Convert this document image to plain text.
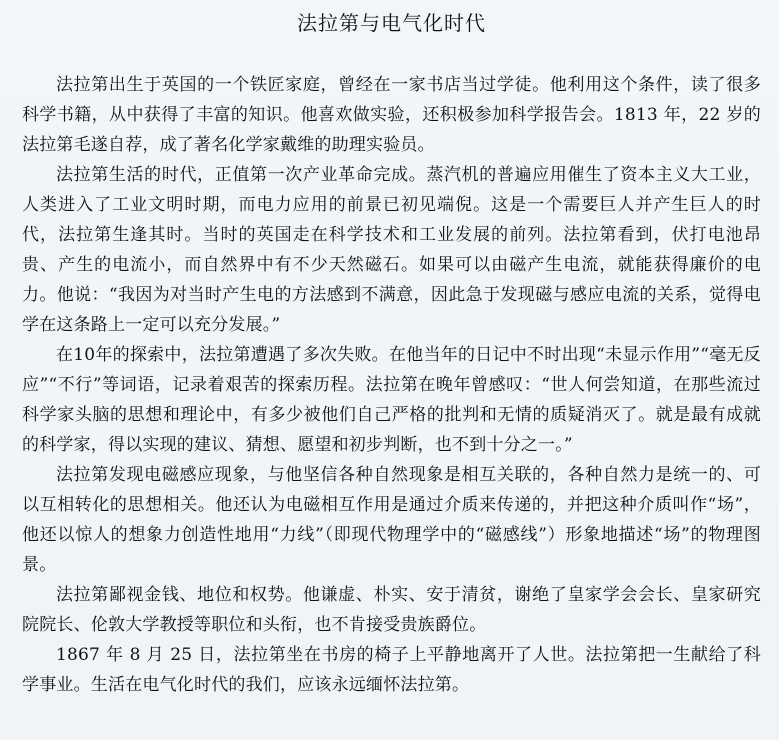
法拉第与电气化时代

法拉第出生于英国的一个铁匠家庭，曾经在一家书店当过学徒。他利用这个条件，读了很多科学书籍，从中获得了丰富的知识。他喜欢做实验，还积极参加科学报告会。1813 年，22 岁的法拉第毛遂自荐，成了著名化学家戴维的助理实验员。

法拉第生活的时代，正值第一次产业革命完成。蒸汽机的普遍应用催生了资本主义大工业，人类进入了工业文明时期，而电力应用的前景已初见端倪。这是一个需要巨人并产生巨人的时代，法拉第生逢其时。当时的英国走在科学技术和工业发展的前列。法拉第看到，伏打电池昂贵、产生的电流小，而自然界中有不少天然磁石。如果可以由磁产生电流，就能获得廉价的电力。他说：“我因为对当时产生电的方法感到不满意，因此急于发现磁与感应电流的关系，觉得电学在这条路上一定可以充分发展。”

在10年的探索中，法拉第遭遇了多次失败。在他当年的日记中不时出现“未显示作用”“毫无反应”“不行”等词语，记录着艰苦的探索历程。法拉第在晚年曾感叹：“世人何尝知道，在那些流过科学家头脑的思想和理论中，有多少被他们自己严格的批判和无情的质疑消灭了。就是最有成就的科学家，得以实现的建议、猜想、愿望和初步判断，也不到十分之一。”

法拉第发现电磁感应现象，与他坚信各种自然现象是相互关联的，各种自然力是统一的、可以互相转化的思想相关。他还认为电磁相互作用是通过介质来传递的，并把这种介质叫作“场”，他还以惊人的想象力创造性地用“力线”（即现代物理学中的“磁感线”）形象地描述“场”的物理图景。

法拉第鄙视金钱、地位和权势。他谦虚、朴实、安于清贫，谢绝了皇家学会会长、皇家研究院院长、伦敦大学教授等职位和头衔，也不肯接受贵族爵位。

1867 年 8 月 25 日，法拉第坐在书房的椅子上平静地离开了人世。法拉第把一生献给了科学事业。生活在电气化时代的我们，应该永远缅怀法拉第。
